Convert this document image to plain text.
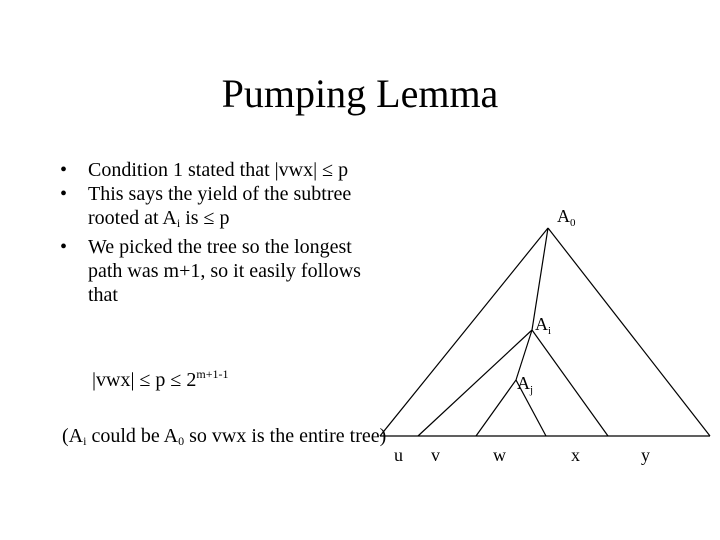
Pumping Lemma
• Condition 1 stated that |vwx| ≤ p
• This says the yield of the subtree rooted at $A_i$ is ≤ p
• We picked the tree so the longest path was m+1, so it easily follows that
$|vwx| \le p \le 2^{m+1-1}$
($A_i$ could be $A_0$ so vwx is the entire tree)
A 0
A i
A j
u v	w	x	y
